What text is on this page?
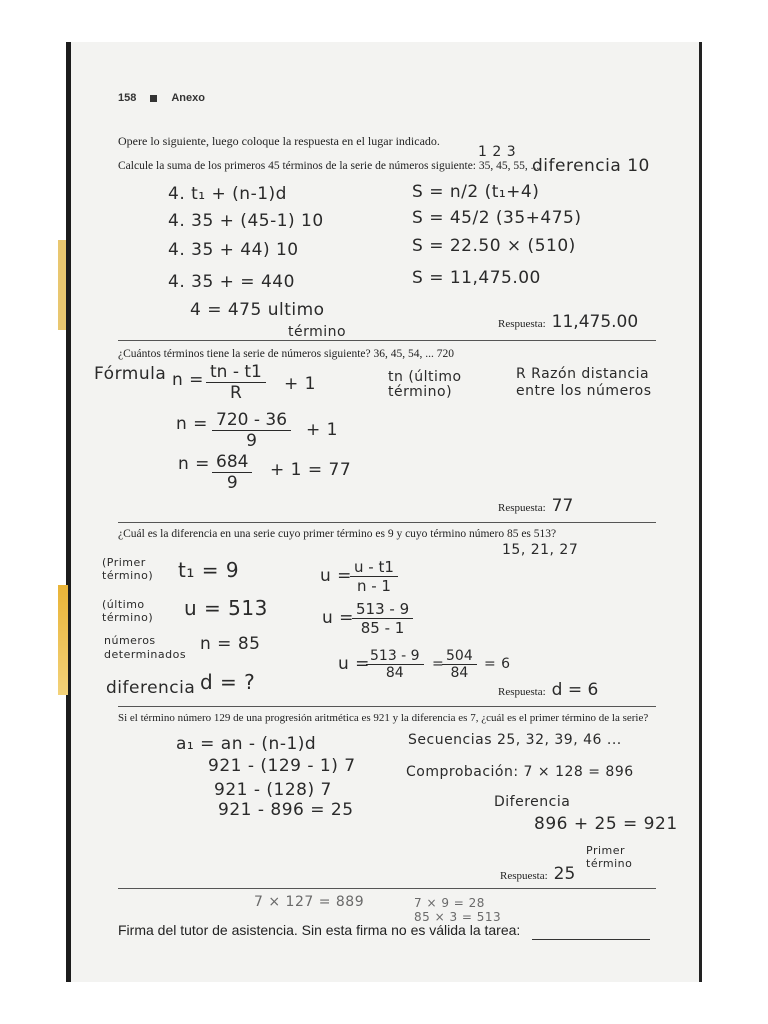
158	Anexo
Opere lo siguiente, luego coloque la respuesta en el lugar indicado.
1 2 3
Calcule la suma de los primeros 45 términos de la serie de números siguiente: 35, 45, 55, ...
diferencia 10
4. t₁ + (n-1)d
4. 35 + (45-1) 10
4. 35 + 44) 10
4. 35 + = 440
4 = 475 ultimo
término
S = n/2 (t₁+4)
S = 45/2 (35+475)
S = 22.50 × (510)
S = 11,475.00
Respuesta: 11,475.00
¿Cuántos términos tiene la serie de números siguiente? 36, 45, 54, ... 720
Fórmula $n = \frac{tn - t1}{R} + 1$	tn (último término)
R Razón distancia entre los números
$n = \frac{720 - 36}{9} + 1$
$n = \frac{684}{9} + 1 = 77$
Respuesta: 77
¿Cuál es la diferencia en una serie cuyo primer término es 9 y cuyo término número 85 es 513?
15, 21, 27
(Primer término)	t₁ = 9
(último término)	u = 513
números determinados
n = 85
diferencia d = ?
u =
$\frac{u - t1}{n - 1}$
u =
$\frac{513 - 9}{85 - 1}$
u =
$\frac{513 - 9}{84}$ =
$\frac{504}{84} = 6$
Respuesta: d = 6
Si el término número 129 de una progresión aritmética es 921 y la diferencia es 7, ¿cuál es el primer término de la serie?
a₁ = an - (n-1)d
921 - (129 - 1) 7
921 - (128) 7
921 - 896 = 25
Secuencias 25, 32, 39, 46 ...
Comprobación: 7 × 128 = 896
Diferencia
896 + 25 = 921
Primer término
Respuesta: 25
7 × 127 = 889	7 × 9 = 28
85 × 3 = 513
Firma del tutor de asistencia. Sin esta firma no es válida la tarea:
